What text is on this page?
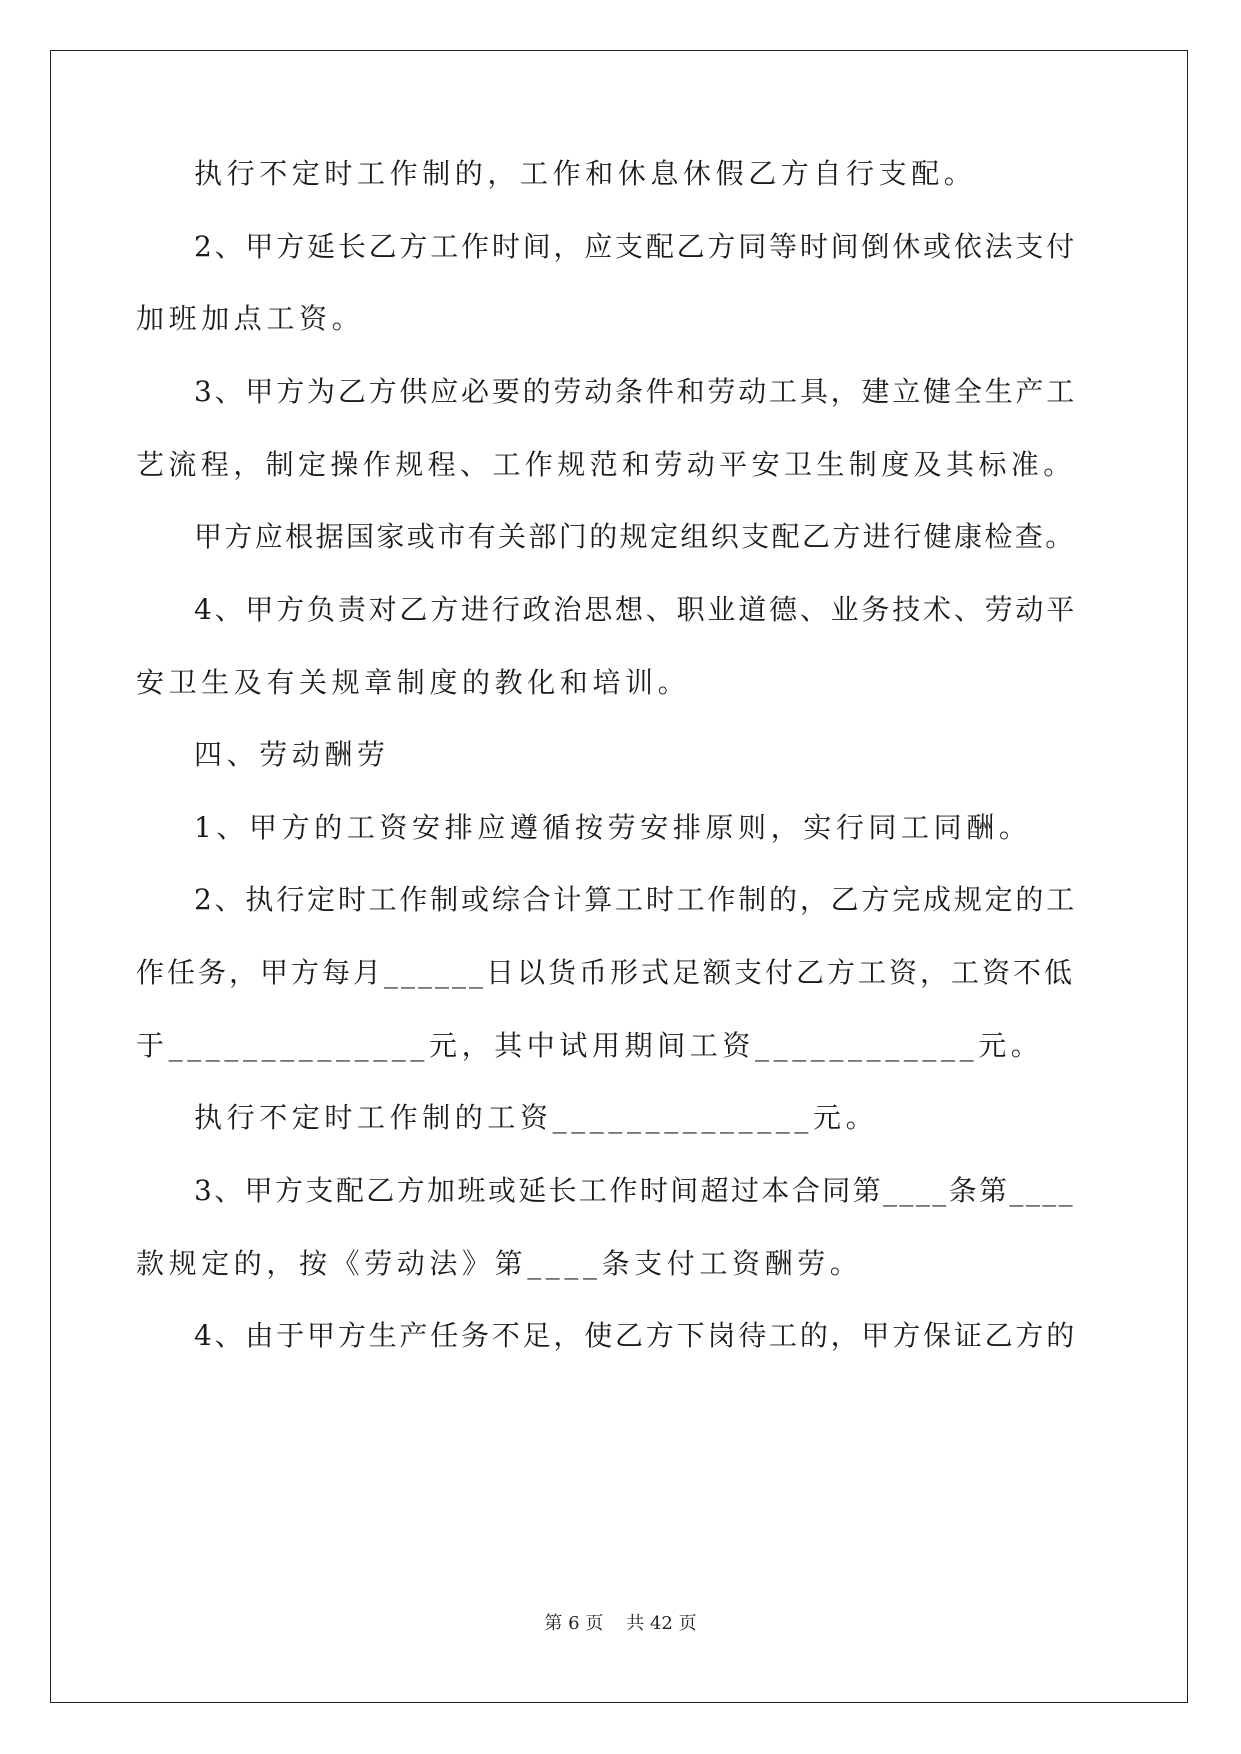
执行不定时工作制的，工作和休息休假乙方自行支配。
2、甲方延长乙方工作时间，应支配乙方同等时间倒休或依法支付
加班加点工资。
3、甲方为乙方供应必要的劳动条件和劳动工具，建立健全生产工
艺流程，制定操作规程、工作规范和劳动平安卫生制度及其标准。
甲方应根据国家或市有关部门的规定组织支配乙方进行健康检查。
4、甲方负责对乙方进行政治思想、职业道德、业务技术、劳动平
安卫生及有关规章制度的教化和培训。
四、劳动酬劳
1、甲方的工资安排应遵循按劳安排原则，实行同工同酬。
2、执行定时工作制或综合计算工时工作制的，乙方完成规定的工
作任务，甲方每月______日以货币形式足额支付乙方工资，工资不低
于______________元，其中试用期间工资____________元。
执行不定时工作制的工资______________元。
3、甲方支配乙方加班或延长工作时间超过本合同第____条第____
款规定的，按《劳动法》第____条支付工资酬劳。
4、由于甲方生产任务不足，使乙方下岗待工的，甲方保证乙方的
第 6 页 共 42 页
